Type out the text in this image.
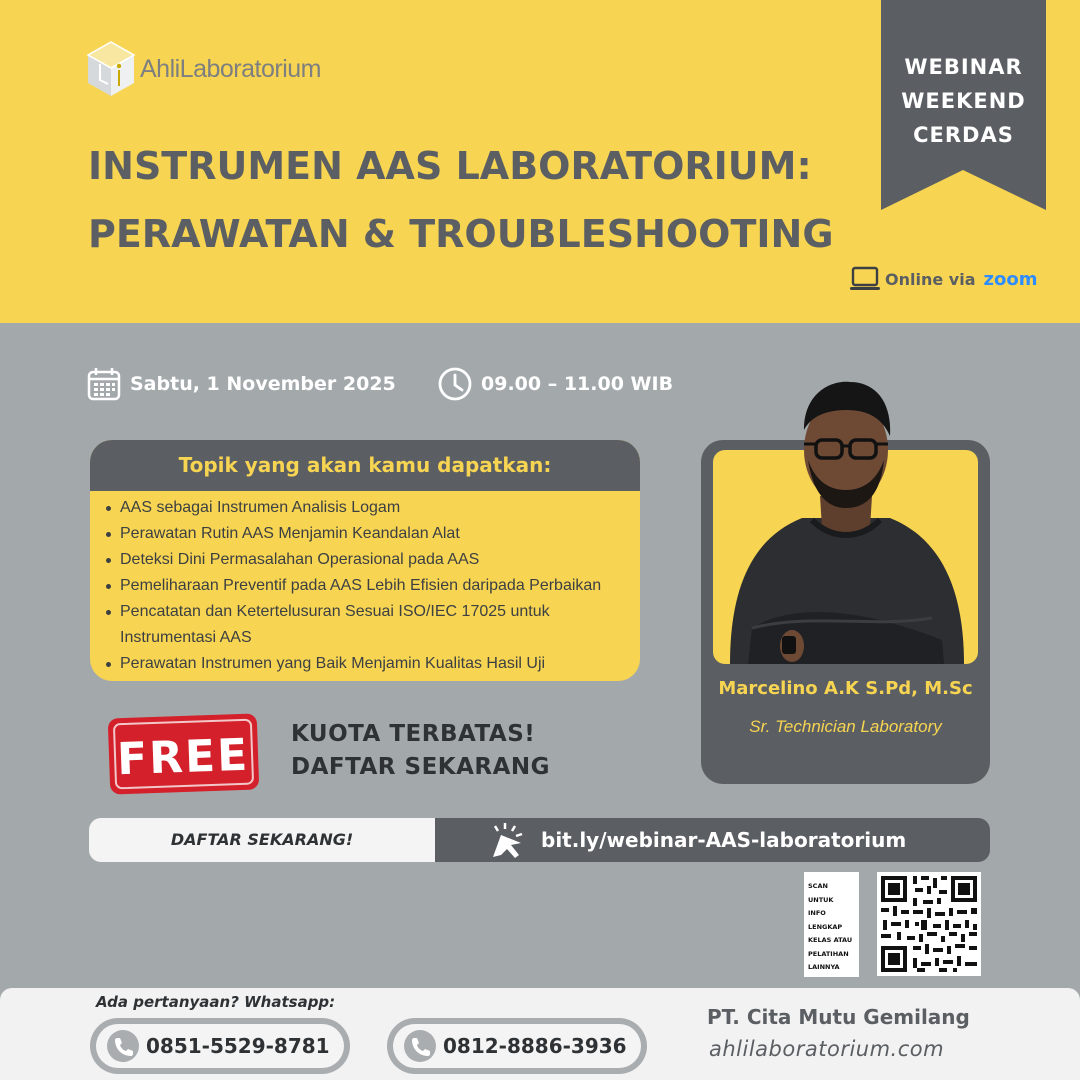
AhliLaboratorium
INSTRUMEN AAS LABORATORIUM:
PERAWATAN & TROUBLESHOOTING
WEBINAR
WEEKEND
CERDAS
Online via zoom
Sabtu, 1 November 2025	09.00 – 11.00 WIB
Topik yang akan kamu dapatkan:
AAS sebagai Instrumen Analisis Logam
Perawatan Rutin AAS Menjamin Keandalan Alat
Deteksi Dini Permasalahan Operasional pada AAS
Pemeliharaan Preventif pada AAS Lebih Efisien daripada Perbaikan
Pencatatan dan Ketertelusuran Sesuai ISO/IEC 17025 untuk Instrumentasi AAS
Perawatan Instrumen yang Baik Menjamin Kualitas Hasil Uji
Marcelino A.K S.Pd, M.Sc
Sr. Technician Laboratory
FREE KUOTA TERBATAS!
DAFTAR SEKARANG
DAFTAR SEKARANG!	bit.ly/webinar-AAS-laboratorium
SCAN
UNTUK
INFO
LENGKAP
KELAS ATAU
PELATIHAN
LAINNYA
Ada pertanyaan? Whatsapp:
0851-5529-8781	0812-8886-3936
PT. Cita Mutu Gemilang
ahlilaboratorium.com
